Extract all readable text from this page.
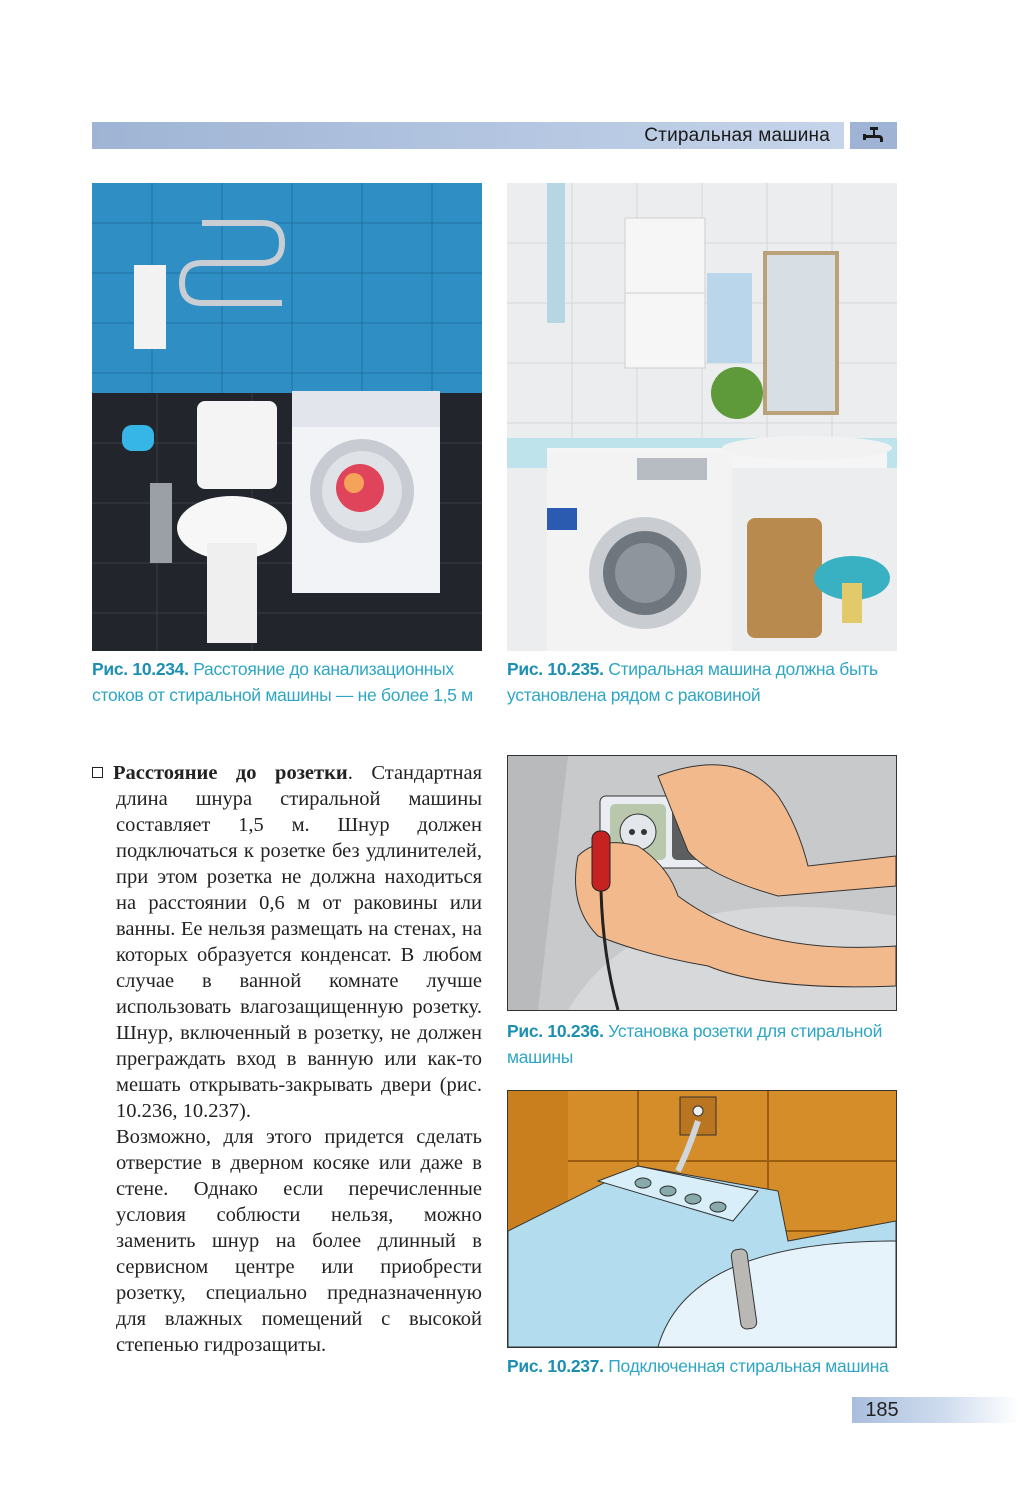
Стиральная машина
Рис. 10.234. Расстояние до канализационных стоков от стиральной машины — не более 1,5 м
Рис. 10.235. Стиральная машина должна быть установлена рядом с раковиной
Рис. 10.236. Установка розетки для стиральной машины
Рис. 10.237. Подключенная стиральная машина

Расстояние до розетки. Стандартная длина шнура стиральной машины составляет 1,5 м. Шнур должен подключаться к розетке без удлинителей, при этом розетка не должна находиться на расстоянии 0,6 м от раковины или ванны. Ее нельзя размещать на стенах, на которых образуется конденсат. В любом случае в ванной комнате лучше использовать влагозащищенную розетку. Шнур, включенный в розетку, не должен преграждать вход в ванную или как-то мешать открывать-закрывать двери (рис. 10.236, 10.237).

Возможно, для этого придется сделать отверстие в дверном косяке или даже в стене. Однако если перечисленные условия соблюсти нельзя, можно заменить шнур на более длинный в сервисном центре или приобрести розетку, специально предназначенную для влажных помещений с высокой степенью гидрозащиты.

185
